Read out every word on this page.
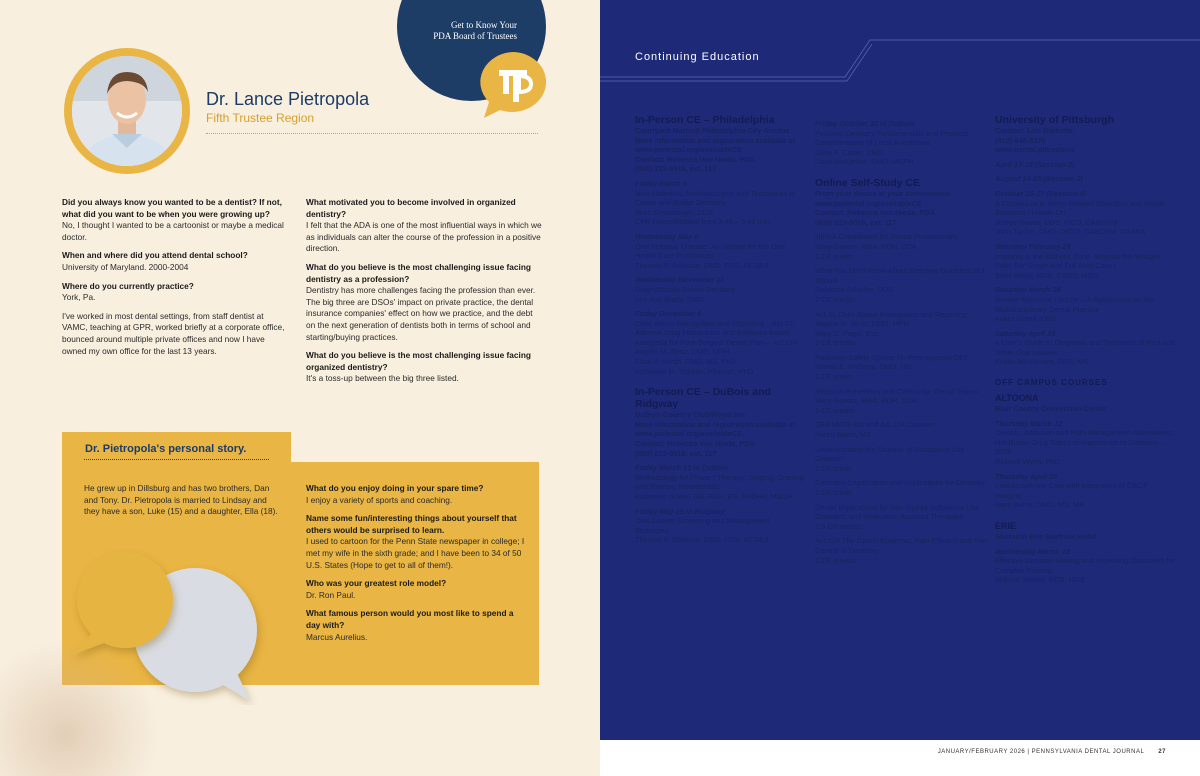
Get to Know Your
PDA Board of Trustees
Dr. Lance Pietropola
Fifth Trustee Region
Did you always know you wanted to be a dentist? If not, what did you want to be when you were growing up?
No, I thought I wanted to be a cartoonist or maybe a medical doctor.
When and where did you attend dental school?
University of Maryland. 2000-2004
Where do you currently practice?
York, Pa.
I've worked in most dental settings, from staff dentist at VAMC, teaching at GPR, worked briefly at a corporate office, bounced around multiple private offices and now I have owned my own office for the last 13 years.
What motivated you to become involved in organized dentistry?
I felt that the ADA is one of the most influential ways in which we as individuals can alter the course of the profession in a positive direction.
What do you believe is the most challenging issue facing dentistry as a profession?
Dentistry has more challenges facing the profession than ever. The big three are DSOs' impact on private practice, the dental insurance companies' effect on how we practice, and the debt on the next generation of dentists both in terms of school and starting/buying practices.
What do you believe is the most challenging issue facing organized dentistry?
It's a toss-up between the big three listed.
Dr. Pietropola's personal story.
He grew up in Dillsburg and has two brothers, Dan and Tony. Dr. Pietropola is married to Lindsay and they have a son, Luke (15) and a daughter, Ella (18).
What do you enjoy doing in your spare time?
I enjoy a variety of sports and coaching.
Name some fun/interesting things about yourself that others would be surprised to learn.
I used to cartoon for the Penn State newspaper in college; I met my wife in the sixth grade; and I have been to 34 of 50 U.S. States (Hope to get to all of them!).
Who was your greatest role model?
Dr. Ron Paul.
What famous person would you most like to spend a day with?
Marcus Aurelius.
Continuing Education
In-Person CE – Philadelphia
Courtyard Marriott Philadelphia City Avenue
More information and registration available at www.padental.org/availableCE
Contact: Rebecca Von Nieda, PDA
(800) 223-0016, ext. 117
Friday March 6
New Materials, Methodologies and Techniques in Crown and Bridge Dentistry
Marc Geissberger, DDS
CPR Recertification from 3:45 – 5:45 p.m.
Wednesday May 6
Oral Mucosal Disease: An Update for the Oral Health Care Practitioner
Thomas P. Sollecito, DMD, FDS, RCSEd
Wednesday November 11
Diagnostically Driven Dentistry
Lee Ann Brady, DMD
Friday December 4
Child Abuse Recognition and Reporting – Act 31; Adverse Drug Interactions and Evidence-based Analgesia for Post-Surgical Dental Pain – Act 124
Angelo M. Stroz, DMD, MPH
Elliot V. Hersh, DMD, MS, PhD
Katherine M. Theken, PharmD, PhD
In-Person CE – DuBois and Ridgway
DuBois Country Club/Royal Inn
More information and registration available at www.padental.org/availableCE
Contact: Rebecca Von Nieda, PDA
(800) 223-0016, ext. 117
Friday March 13 in DuBois
Methodology for Phase I Therapy: Staging, Grading and Treating Periodontitis
Katherine (Katie) Gill, RDH, BS, PHDHP, MSDH
Friday May 15 in Ridgway
Oral Cancer Screening and Management Strategies
Thomas P. Sollecito, DMD, FDS, RCSEd
Friday October 30 in DuBois
Pediatric Dentistry Fundamentals and Practical Considerations of Local Anesthesia
Drew F. Carter, DMD
Lloyd McKenzie, DMD, MSPH
Online Self-Study CE
From your device at your convenience.
www.padental.org/availableCE
Contact: Rebecca Von Nieda, PDA
(800) 223-0016, ext. 117
HIPAA Compliance for Dental Professionals
Mary Govoni, MBA, RDH, CDA
1 CE credit
What You Don't Know About Bleeding Disorders But Should
Rebecca Schaffer, DDS
2 CE credits
Act 31 Child Abuse Recognition and Reporting
Angelo M. Stroz, DMD, MPH
Mary C. Pagel, Esq.
2 CE credits
Radiation Safety Update for Pennsylvania DEP
Marvin E. Widkrop, DMD, MD
1 CE credit
Infection Prevention and Control for Dental Teams
Mary Govoni, MBA, RDH, CDA
2 CE credits
DEA MATE Act and Act 124 Courses
Karen Baker, MS
Understanding the Disease of Substance Use Disorder
1 CE credit
Cannabis Legalization and Implications for Dentistry
1 CE credit
Dental Implications for Non-Opioid Substance Use Disorders and Medication Assisted Therapies
1.5 CE credits
Act 124 The Opioid Epidemic: Pain Efficacy and Pain Control in Dentistry
2 CE credits
University of Pittsburgh
Contact: Lori Burkette
(412) 648-8370
www.dental.pitt.edu/ce
April 17-18 (Session 2)
August 14-15 (Session 3)
October 16-17 (Session 4)
A Continuum in Sleep-Related Disorders and Health Solutions / Hands-On
Jeffrey Rouse, DDS, FICD, DABDSM
John Tucker, DMD, DICOI, DABDSM, DASBA
Saturday February 28
Implants in the Esthetic Zone -Beyond the Straight Path: For Single and Full Arch Cases
Sohil Khatri, BDS, CAGS, MSD
Saturday March 28
Bowser Memorial Lecture – A Symposium on the Multidisciplinary Dental Practice
Ankur Gupta, DDS
Saturday April 25
A User's Guide to Diagnosis and Treatment of Red and White Oral Lesions
Kristin McNamara, DDS, MS
OFF CAMPUS COURSES
ALTOONA
Blair County Convention Center
Thursday March 12
Opioids, Addiction and Pain Management Alternatives: Hot Button Drug Topics of Importance to Dentistry – 2026
Richard Wynn, PhD
Thursday April 16
Interdisciplinary Care with Integration of CBCT Imaging
Mary Burns, DMD, MS, MA
ERIE
Sheraton Erie Bayfront Hotel
Wednesday March 18
Effective Decision Making and Improving Outcomes for Complex Patients
Bekzod Sheker, RDS, MDS
JANUARY/FEBRUARY 2026 | PENNSYLVANIA DENTAL JOURNAL 27
